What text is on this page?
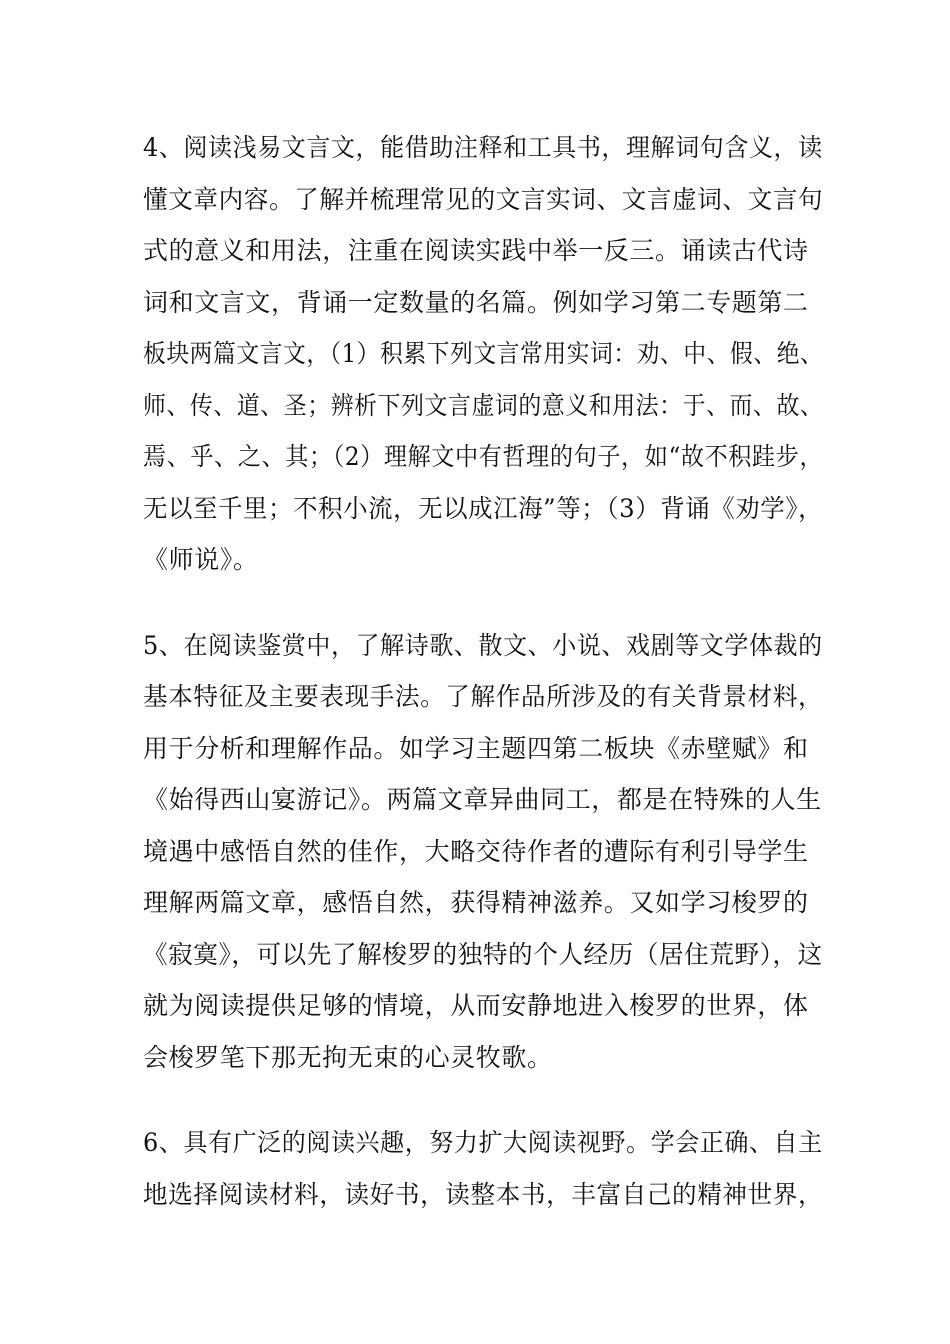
4、阅读浅易文言文，能借助注释和工具书，理解词句含义，读
懂文章内容。了解并梳理常见的文言实词、文言虚词、文言句
式的意义和用法，注重在阅读实践中举一反三。诵读古代诗
词和文言文，背诵一定数量的名篇。例如学习第二专题第二
板块两篇文言文，（1）积累下列文言常用实词：劝、中、假、绝、
师、传、道、圣；辨析下列文言虚词的意义和用法：于、而、故、
焉、乎、之、其；（2）理解文中有哲理的句子，如“故不积跬步，
无以至千里；不积小流，无以成江海”等；（3）背诵《劝学》，
《师说》。
5、在阅读鉴赏中，了解诗歌、散文、小说、戏剧等文学体裁的
基本特征及主要表现手法。了解作品所涉及的有关背景材料，
用于分析和理解作品。如学习主题四第二板块《赤壁赋》和
《始得西山宴游记》。两篇文章异曲同工，都是在特殊的人生
境遇中感悟自然的佳作，大略交待作者的遭际有利引导学生
理解两篇文章，感悟自然，获得精神滋养。又如学习梭罗的
《寂寞》，可以先了解梭罗的独特的个人经历（居住荒野），这
就为阅读提供足够的情境，从而安静地进入梭罗的世界，体
会梭罗笔下那无拘无束的心灵牧歌。
6、具有广泛的阅读兴趣，努力扩大阅读视野。学会正确、自主
地选择阅读材料，读好书，读整本书，丰富自己的精神世界，
